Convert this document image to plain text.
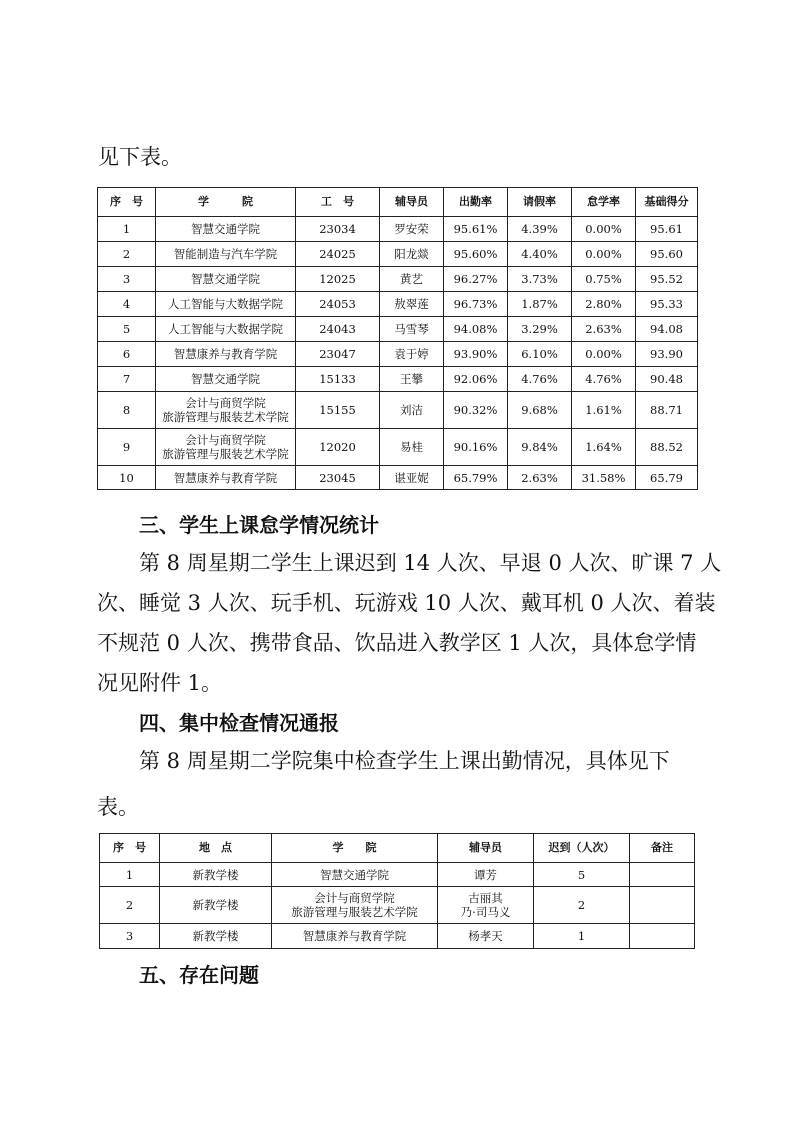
见下表。

序　号	学　　　院	工　号	辅导员	出勤率	请假率	怠学率	基础得分
1	智慧交通学院	23034	罗安荣	95.61%	4.39%	0.00%	95.61
2	智能制造与汽车学院	24025	阳龙燚	95.60%	4.40%	0.00%	95.60
3	智慧交通学院	12025	黄艺	96.27%	3.73%	0.75%	95.52
4	人工智能与大数据学院	24053	敖翠莲	96.73%	1.87%	2.80%	95.33
5	人工智能与大数据学院	24043	马雪琴	94.08%	3.29%	2.63%	94.08
6	智慧康养与教育学院	23047	袁于婷	93.90%	6.10%	0.00%	93.90
7	智慧交通学院	15133	王攀	92.06%	4.76%	4.76%	90.48
8	会计与商贸学院
旅游管理与服装艺术学院	15155	刘洁	90.32%	9.68%	1.61%	88.71
9	会计与商贸学院
旅游管理与服装艺术学院	12020	易桂	90.16%	9.84%	1.64%	88.52
10	智慧康养与教育学院	23045	谌亚妮	65.79%	2.63%	31.58%	65.79

三、学生上课怠学情况统计

第 8 周星期二学生上课迟到 14 人次、早退 0 人次、旷课 7 人

次、睡觉 3 人次、玩手机、玩游戏 10 人次、戴耳机 0 人次、着装

不规范 0 人次、携带食品、饮品进入教学区 1 人次，具体怠学情

况见附件 1。

四、集中检查情况通报

第 8 周星期二学院集中检查学生上课出勤情况，具体见下

表。

序　号	地　点	学　　院	辅导员	迟到（人次）	备注
1	新教学楼	智慧交通学院	谭芳	5	
2	新教学楼	会计与商贸学院
旅游管理与服装艺术学院	古丽其
乃·司马义	2	
3	新教学楼	智慧康养与教育学院	杨孝天	1	

五、存在问题
